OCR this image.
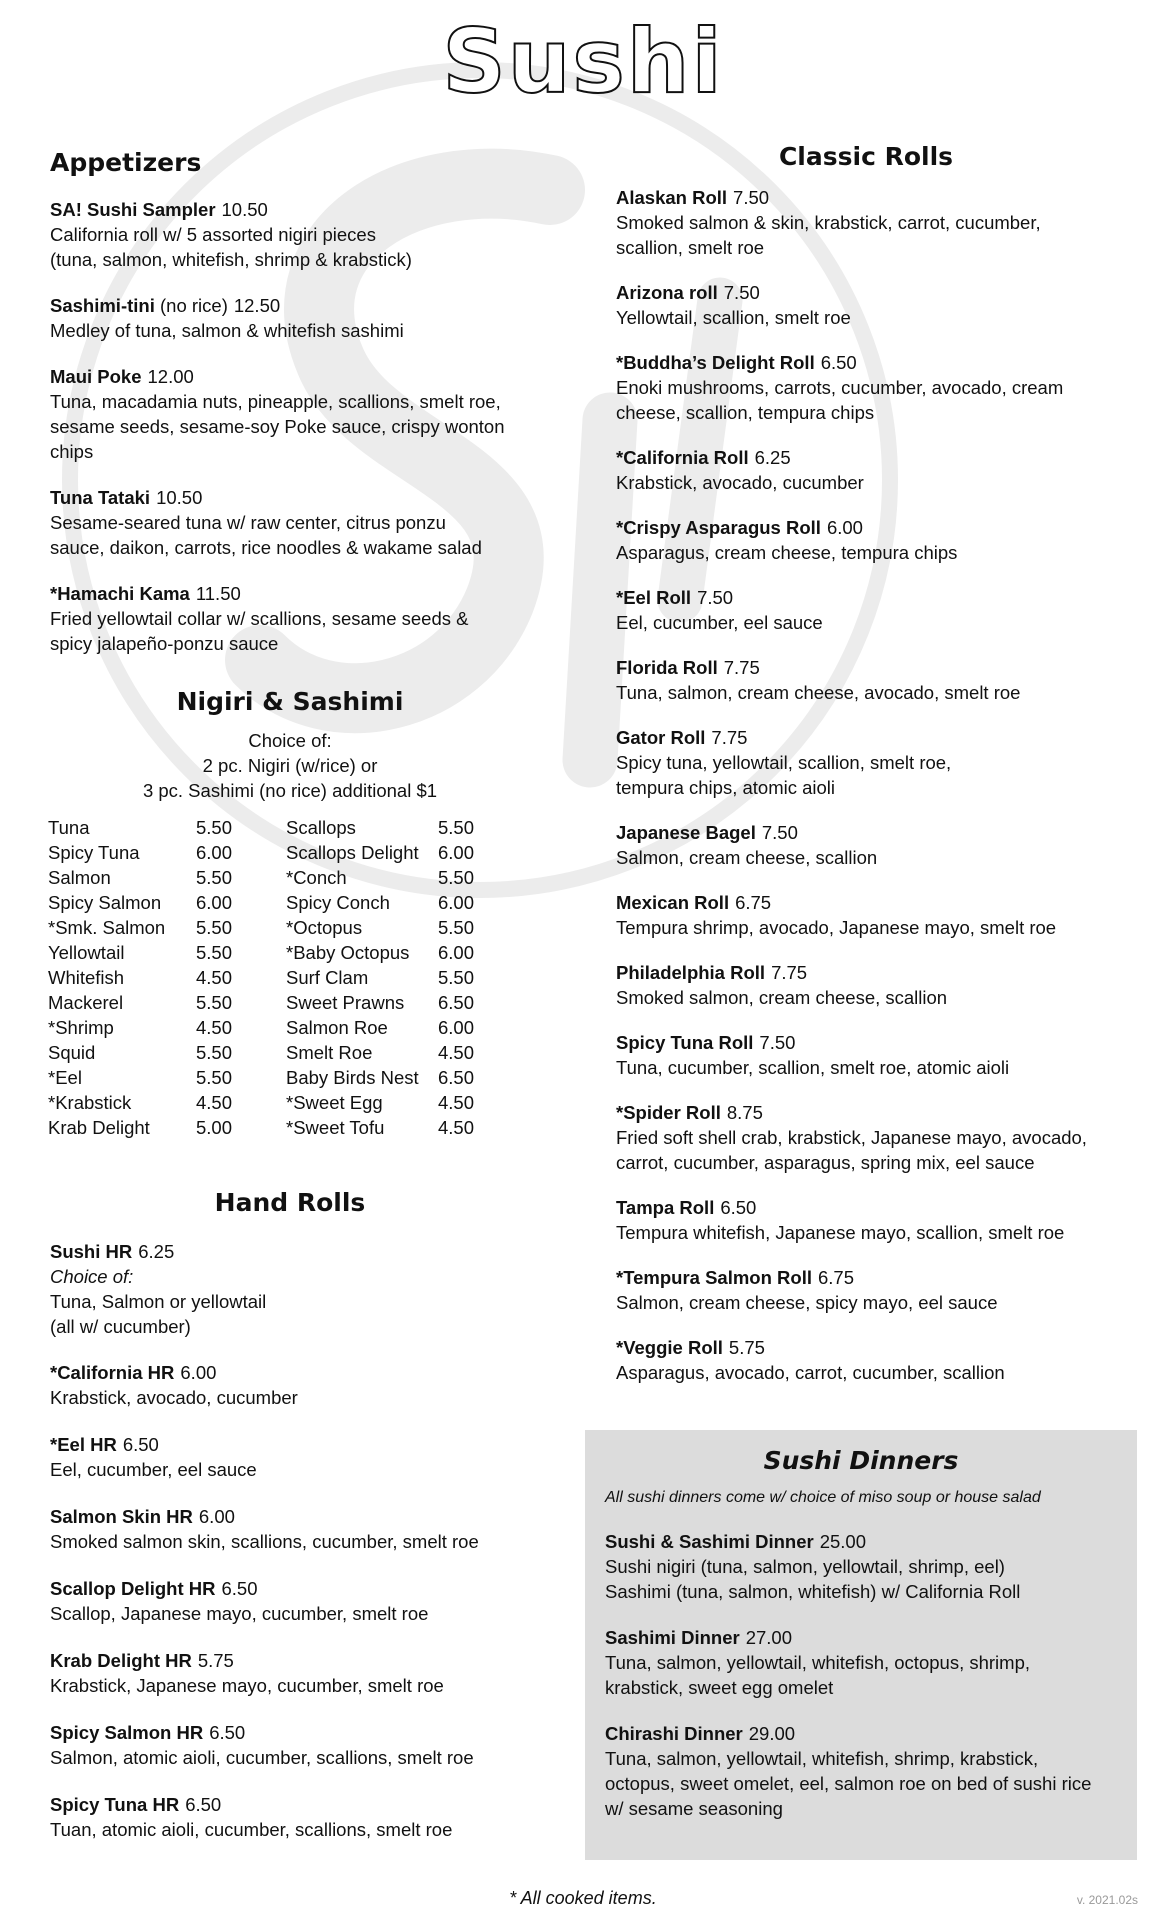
Sushi
Appetizers
SA! Sushi Sampler 10.50
California roll w/ 5 assorted nigiri pieces
(tuna, salmon, whitefish, shrimp & krabstick)
Sashimi-tini (no rice) 12.50
Medley of tuna, salmon & whitefish sashimi
Maui Poke 12.00
Tuna, macadamia nuts, pineapple, scallions, smelt roe,
sesame seeds, sesame-soy Poke sauce, crispy wonton
chips
Tuna Tataki 10.50
Sesame-seared tuna w/ raw center, citrus ponzu
sauce, daikon, carrots, rice noodles & wakame salad
*Hamachi Kama 11.50
Fried yellowtail collar w/ scallions, sesame seeds &
spicy jalapeño-ponzu sauce
Nigiri & Sashimi
Choice of:
2 pc. Nigiri (w/rice) or
3 pc. Sashimi (no rice) additional $1
Tuna	5.50
Spicy Tuna	6.00
Salmon	5.50
Spicy Salmon	6.00
*Smk. Salmon	5.50
Yellowtail	5.50
Whitefish	4.50
Mackerel	5.50
*Shrimp	4.50
Squid	5.50
*Eel	5.50
*Krabstick	4.50
Krab Delight	5.00
Scallops	5.50
Scallops Delight	6.00
*Conch	5.50
Spicy Conch	6.00
*Octopus	5.50
*Baby Octopus	6.00
Surf Clam	5.50
Sweet Prawns	6.50
Salmon Roe	6.00
Smelt Roe	4.50
Baby Birds Nest	6.50
*Sweet Egg	4.50
*Sweet Tofu	4.50
Hand Rolls
Sushi HR 6.25
Choice of:
Tuna, Salmon or yellowtail
(all w/ cucumber)
*California HR 6.00
Krabstick, avocado, cucumber
*Eel HR 6.50
Eel, cucumber, eel sauce
Salmon Skin HR 6.00
Smoked salmon skin, scallions, cucumber, smelt roe
Scallop Delight HR 6.50
Scallop, Japanese mayo, cucumber, smelt roe
Krab Delight HR 5.75
Krabstick, Japanese mayo, cucumber, smelt roe
Spicy Salmon HR 6.50
Salmon, atomic aioli, cucumber, scallions, smelt roe
Spicy Tuna HR 6.50
Tuan, atomic aioli, cucumber, scallions, smelt roe
Classic Rolls
Alaskan Roll 7.50
Smoked salmon & skin, krabstick, carrot, cucumber,
scallion, smelt roe
Arizona roll 7.50
Yellowtail, scallion, smelt roe
*Buddha’s Delight Roll 6.50
Enoki mushrooms, carrots, cucumber, avocado, cream
cheese, scallion, tempura chips
*California Roll 6.25
Krabstick, avocado, cucumber
*Crispy Asparagus Roll 6.00
Asparagus, cream cheese, tempura chips
*Eel Roll 7.50
Eel, cucumber, eel sauce
Florida Roll 7.75
Tuna, salmon, cream cheese, avocado, smelt roe
Gator Roll 7.75
Spicy tuna, yellowtail, scallion, smelt roe,
tempura chips, atomic aioli
Japanese Bagel 7.50
Salmon, cream cheese, scallion
Mexican Roll 6.75
Tempura shrimp, avocado, Japanese mayo, smelt roe
Philadelphia Roll 7.75
Smoked salmon, cream cheese, scallion
Spicy Tuna Roll 7.50
Tuna, cucumber, scallion, smelt roe, atomic aioli
*Spider Roll 8.75
Fried soft shell crab, krabstick, Japanese mayo, avocado,
carrot, cucumber, asparagus, spring mix, eel sauce
Tampa Roll 6.50
Tempura whitefish, Japanese mayo, scallion, smelt roe
*Tempura Salmon Roll 6.75
Salmon, cream cheese, spicy mayo, eel sauce
*Veggie Roll 5.75
Asparagus, avocado, carrot, cucumber, scallion
Sushi Dinners
All sushi dinners come w/ choice of miso soup or house salad
Sushi & Sashimi Dinner 25.00
Sushi nigiri (tuna, salmon, yellowtail, shrimp, eel)
Sashimi (tuna, salmon, whitefish) w/ California Roll
Sashimi Dinner 27.00
Tuna, salmon, yellowtail, whitefish, octopus, shrimp,
krabstick, sweet egg omelet
Chirashi Dinner 29.00
Tuna, salmon, yellowtail, whitefish, shrimp, krabstick,
octopus, sweet omelet, eel, salmon roe on bed of sushi rice
w/ sesame seasoning
* All cooked items.	v. 2021.02s
